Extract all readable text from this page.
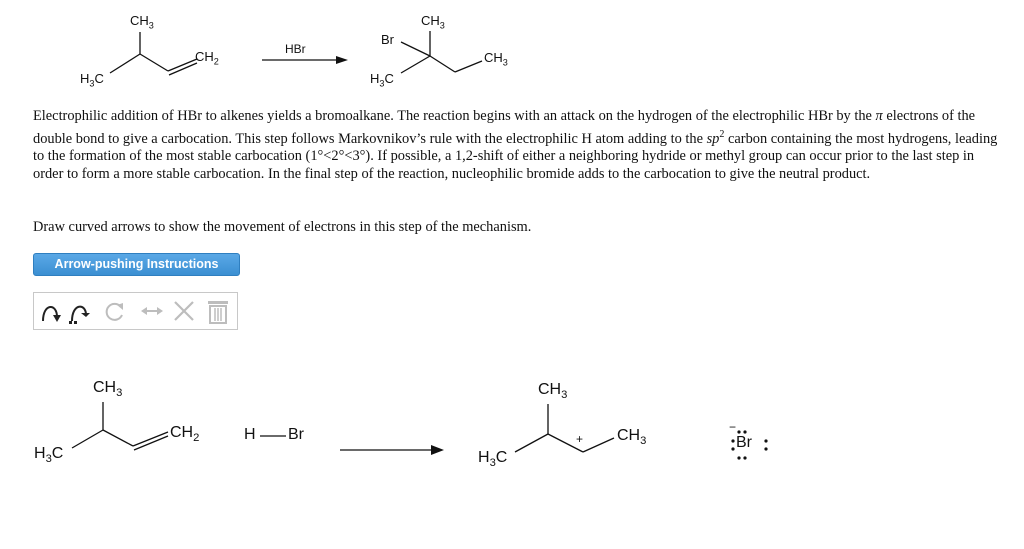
$CH_3$
$CH_2$
$H_3C$
HBr
Br
$CH_3$
$CH_3$
$H_3C$

Electrophilic addition of HBr to alkenes yields a bromoalkane. The reaction begins with an attack on the hydrogen of the electrophilic HBr by the π electrons of the double bond to give a carbocation. This step follows Markovnikov’s rule with the electrophilic H atom adding to the $sp^2$ carbon containing the most hydrogens, leading to the formation of the most stable carbocation (1°<2°<3°). If possible, a 1,2-shift of either a neighboring hydride or methyl group can occur prior to the last step in order to form a more stable carbocation. In the final step of the reaction, nucleophilic bromide adds to the carbocation to give the neutral product.

Draw curved arrows to show the movement of electrons in this step of the mechanism.

Arrow-pushing Instructions
$CH_3$
$CH_2$
$H_3C$
H Br
$CH_3$
$CH_3$
$H_3C$
+
−
Br
